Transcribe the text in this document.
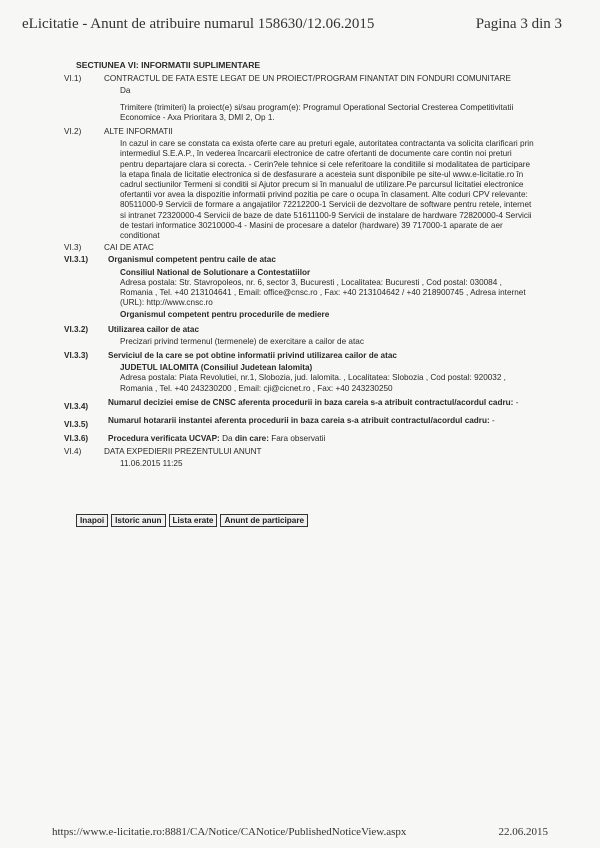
eLicitatie - Anunt de atribuire numarul 158630/12.06.2015	Pagina 3 din 3
SECTIUNEA VI: INFORMATII SUPLIMENTARE
VI.1)	CONTRACTUL DE FATA ESTE LEGAT DE UN PROIECT/PROGRAM FINANTAT DIN FONDURI COMUNITARE
Da
Trimitere (trimiteri) la proiect(e) si/sau program(e): Programul Operational Sectorial Cresterea Competitivitatii Economice - Axa Prioritara 3, DMI 2, Op 1.
VI.2)	ALTE INFORMATII
In cazul in care se constata ca exista oferte care au preturi egale, autoritatea contractanta va solicita clarificari prin intermediul S.E.A.P., în vederea încarcarii electronice de catre ofertanti de documente care contin noi preturi pentru departajare clara si corecta. - Cerin?ele tehnice si cele referitoare la conditiile si modalitatea de participare la etapa finala de licitatie electronica si de desfasurare a acesteia sunt disponibile pe site-ul www.e-licitatie.ro în cadrul sectiunilor Termeni si conditii si Ajutor precum si în manualul de utilizare.Pe parcursul licitatiei electronice ofertantii vor avea la dispozitie informatii privind pozitia pe care o ocupa în clasament. Alte coduri CPV relevante: 80511000-9 Servicii de formare a angajatilor 72212200-1 Servicii de dezvoltare de software pentru retele, internet si intranet 72320000-4 Servicii de baze de date 51611100-9 Servicii de instalare de hardware 72820000-4 Servicii de testari informatice 30210000-4 - Masini de procesare a datelor (hardware) 39 717000-1 aparate de aer conditionat
VI.3)	CAI DE ATAC
VI.3.1)	Organismul competent pentru caile de atac
Consiliul National de Solutionare a Contestatiilor
Adresa postala: Str. Stavropoleos, nr. 6, sector 3, Bucuresti , Localitatea: Bucuresti , Cod postal: 030084 , Romania , Tel. +40 213104641 , Email: office@cnsc.ro , Fax: +40 213104642 / +40 218900745 , Adresa internet (URL): http://www.cnsc.ro
Organismul competent pentru procedurile de mediere
VI.3.2)	Utilizarea cailor de atac
Precizari privind termenul (termenele) de exercitare a cailor de atac
VI.3.3)	Serviciul de la care se pot obtine informatii privind utilizarea cailor de atac
JUDETUL IALOMITA (Consiliul Judetean Ialomita)
Adresa postala: Piata Revolutiei, nr.1, Slobozia, jud. Ialomita. , Localitatea: Slobozia , Cod postal: 920032 , Romania , Tel. +40 243230200 , Email: cji@cicnet.ro , Fax: +40 243230250
VI.3.4)	Numarul deciziei emise de CNSC aferenta procedurii in baza careia s-a atribuit contractul/acordul cadru: -
VI.3.5)	Numarul hotararii instantei aferenta procedurii in baza careia s-a atribuit contractul/acordul cadru: -
VI.3.6)	Procedura verificata UCVAP: Da din care: Fara observatii
VI.4)	DATA EXPEDIERII PREZENTULUI ANUNT
11.06.2015 11:25
Inapoi	Istoric anun	Lista erate	Anunt de participare
https://www.e-licitatie.ro:8881/CA/Notice/CANotice/PublishedNoticeView.aspx	22.06.2015
